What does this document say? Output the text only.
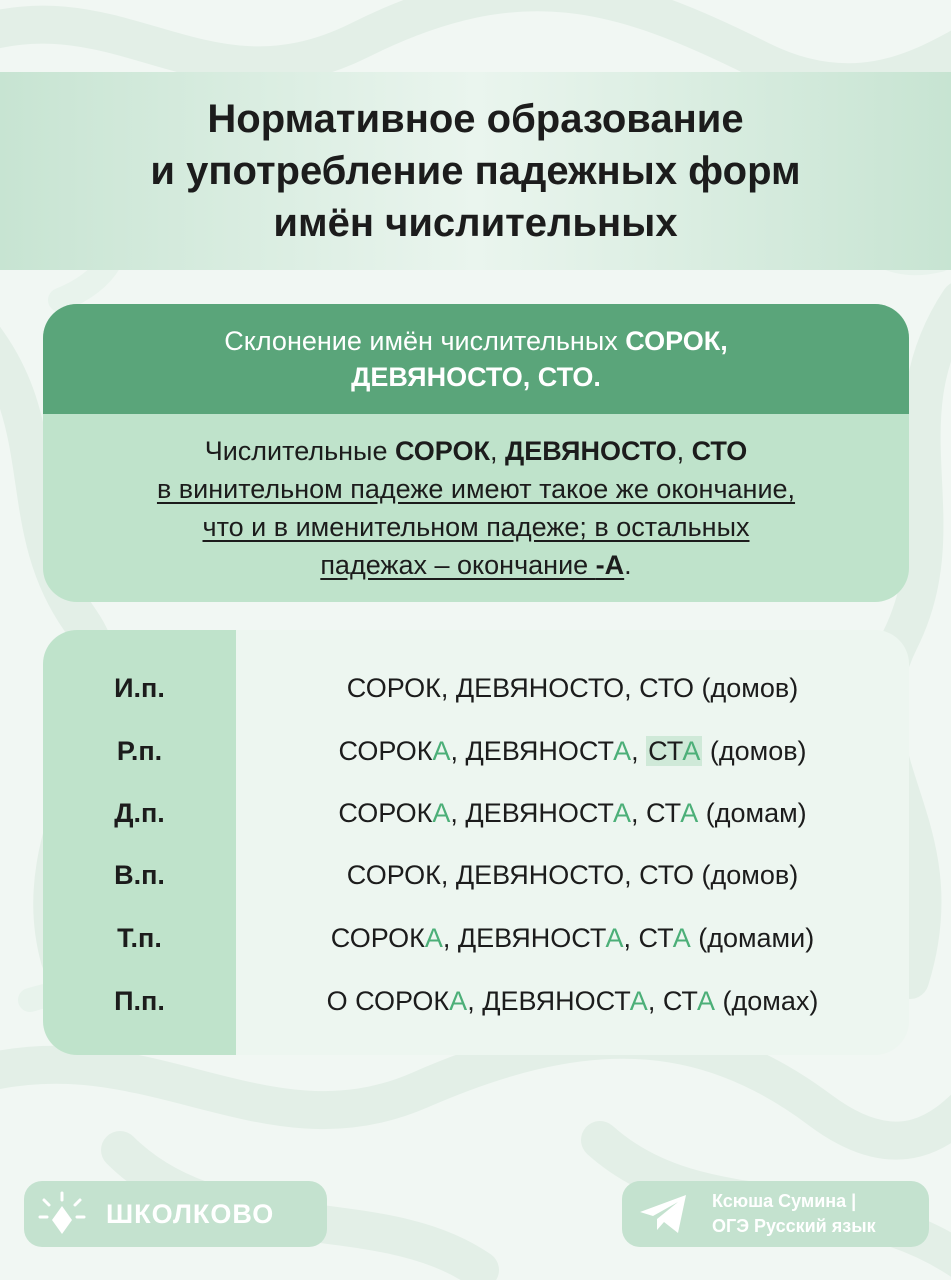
Нормативное образование
и употребление падежных форм
имён числительных
Склонение имён числительных СОРОК,
ДЕВЯНОСТО, СТО.
Числительные СОРОК, ДЕВЯНОСТО, СТО
в винительном падеже имеют такое же окончание,
что и в именительном падеже; в остальных
падежах – окончание -А.
И.п.
Р.п.
Д.п.
В.п.
Т.п.
П.п.
СОРОК, ДЕВЯНОСТО, СТО (домов)
СОРОКА, ДЕВЯНОСТА, СТА (домов)
СОРОКА, ДЕВЯНОСТА, СТА (домам)
СОРОК, ДЕВЯНОСТО, СТО (домов)
СОРОКА, ДЕВЯНОСТА, СТА (домами)
О СОРОКА, ДЕВЯНОСТА, СТА (домах)
ШКОЛКОВО	Ксюша Сумина |
ОГЭ Русский язык
